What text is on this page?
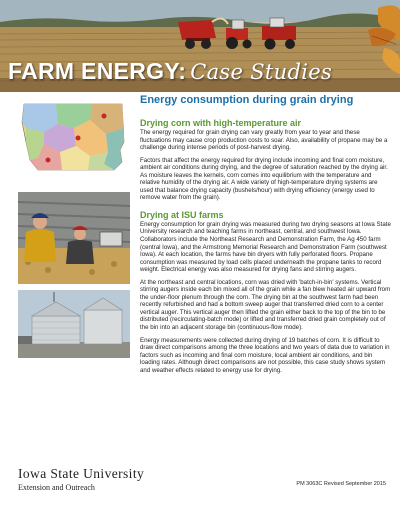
FARM ENERGY: Case Studies
Energy consumption during grain drying
Drying corn with high-temperature air

The energy required for grain drying can vary greatly from year to year and these fluctuations may cause crop production costs to soar. Also, availability of propane may be a challenge during intense periods of post-harvest drying.

Factors that affect the energy required for drying include incoming and final corn moisture, ambient air conditions during drying, and the degree of saturation reached by the drying air. As moisture leaves the kernels, corn comes into equilibrium with the temperature and relative humidity of the drying air. A wide variety of high-temperature drying systems are used that balance drying capacity (bushels/hour) with drying efficiency (energy used to remove water from the grain).

Drying at ISU farms

Energy consumption for grain drying was measured during two drying seasons at Iowa State University research and teaching farms in northeast, central, and southwest Iowa. Collaborators include the Northeast Research and Demonstration Farm, the Ag 450 farm (central Iowa), and the Armstrong Memorial Research and Demonstration Farm (southwest Iowa). At each location, the farms have bin dryers with fully perforated floors. Propane consumption was measured by load cells placed underneath the propane tanks to record weight. Electrical energy was also measured for drying fans and stirring augers.

At the northeast and central locations, corn was dried with 'batch-in-bin' systems. Vertical stirring augers inside each bin mixed all of the grain while a fan blew heated air upward from the under-floor plenum through the corn. The drying bin at the southwest farm had been recently refurbished and had a bottom sweep auger that transferred dried corn to a center vertical auger. This vertical auger then lifted the grain either back to the top of the bin to be distributed (recirculating-batch mode) or lifted and transferred dried grain completely out of the bin into an adjacent storage bin (continuous-flow mode).

Energy measurements were collected during drying of 19 batches of corn. It is difficult to draw direct comparisons among the three locations and two years of data due to variation in factors such as incoming and final corn moisture, local ambient air conditions, and bin loading rates. Although direct comparisons are not possible, this case study shows system and weather effects related to energy use for drying.

Iowa State University
Extension and Outreach	PM 3063C Revised September 2015
